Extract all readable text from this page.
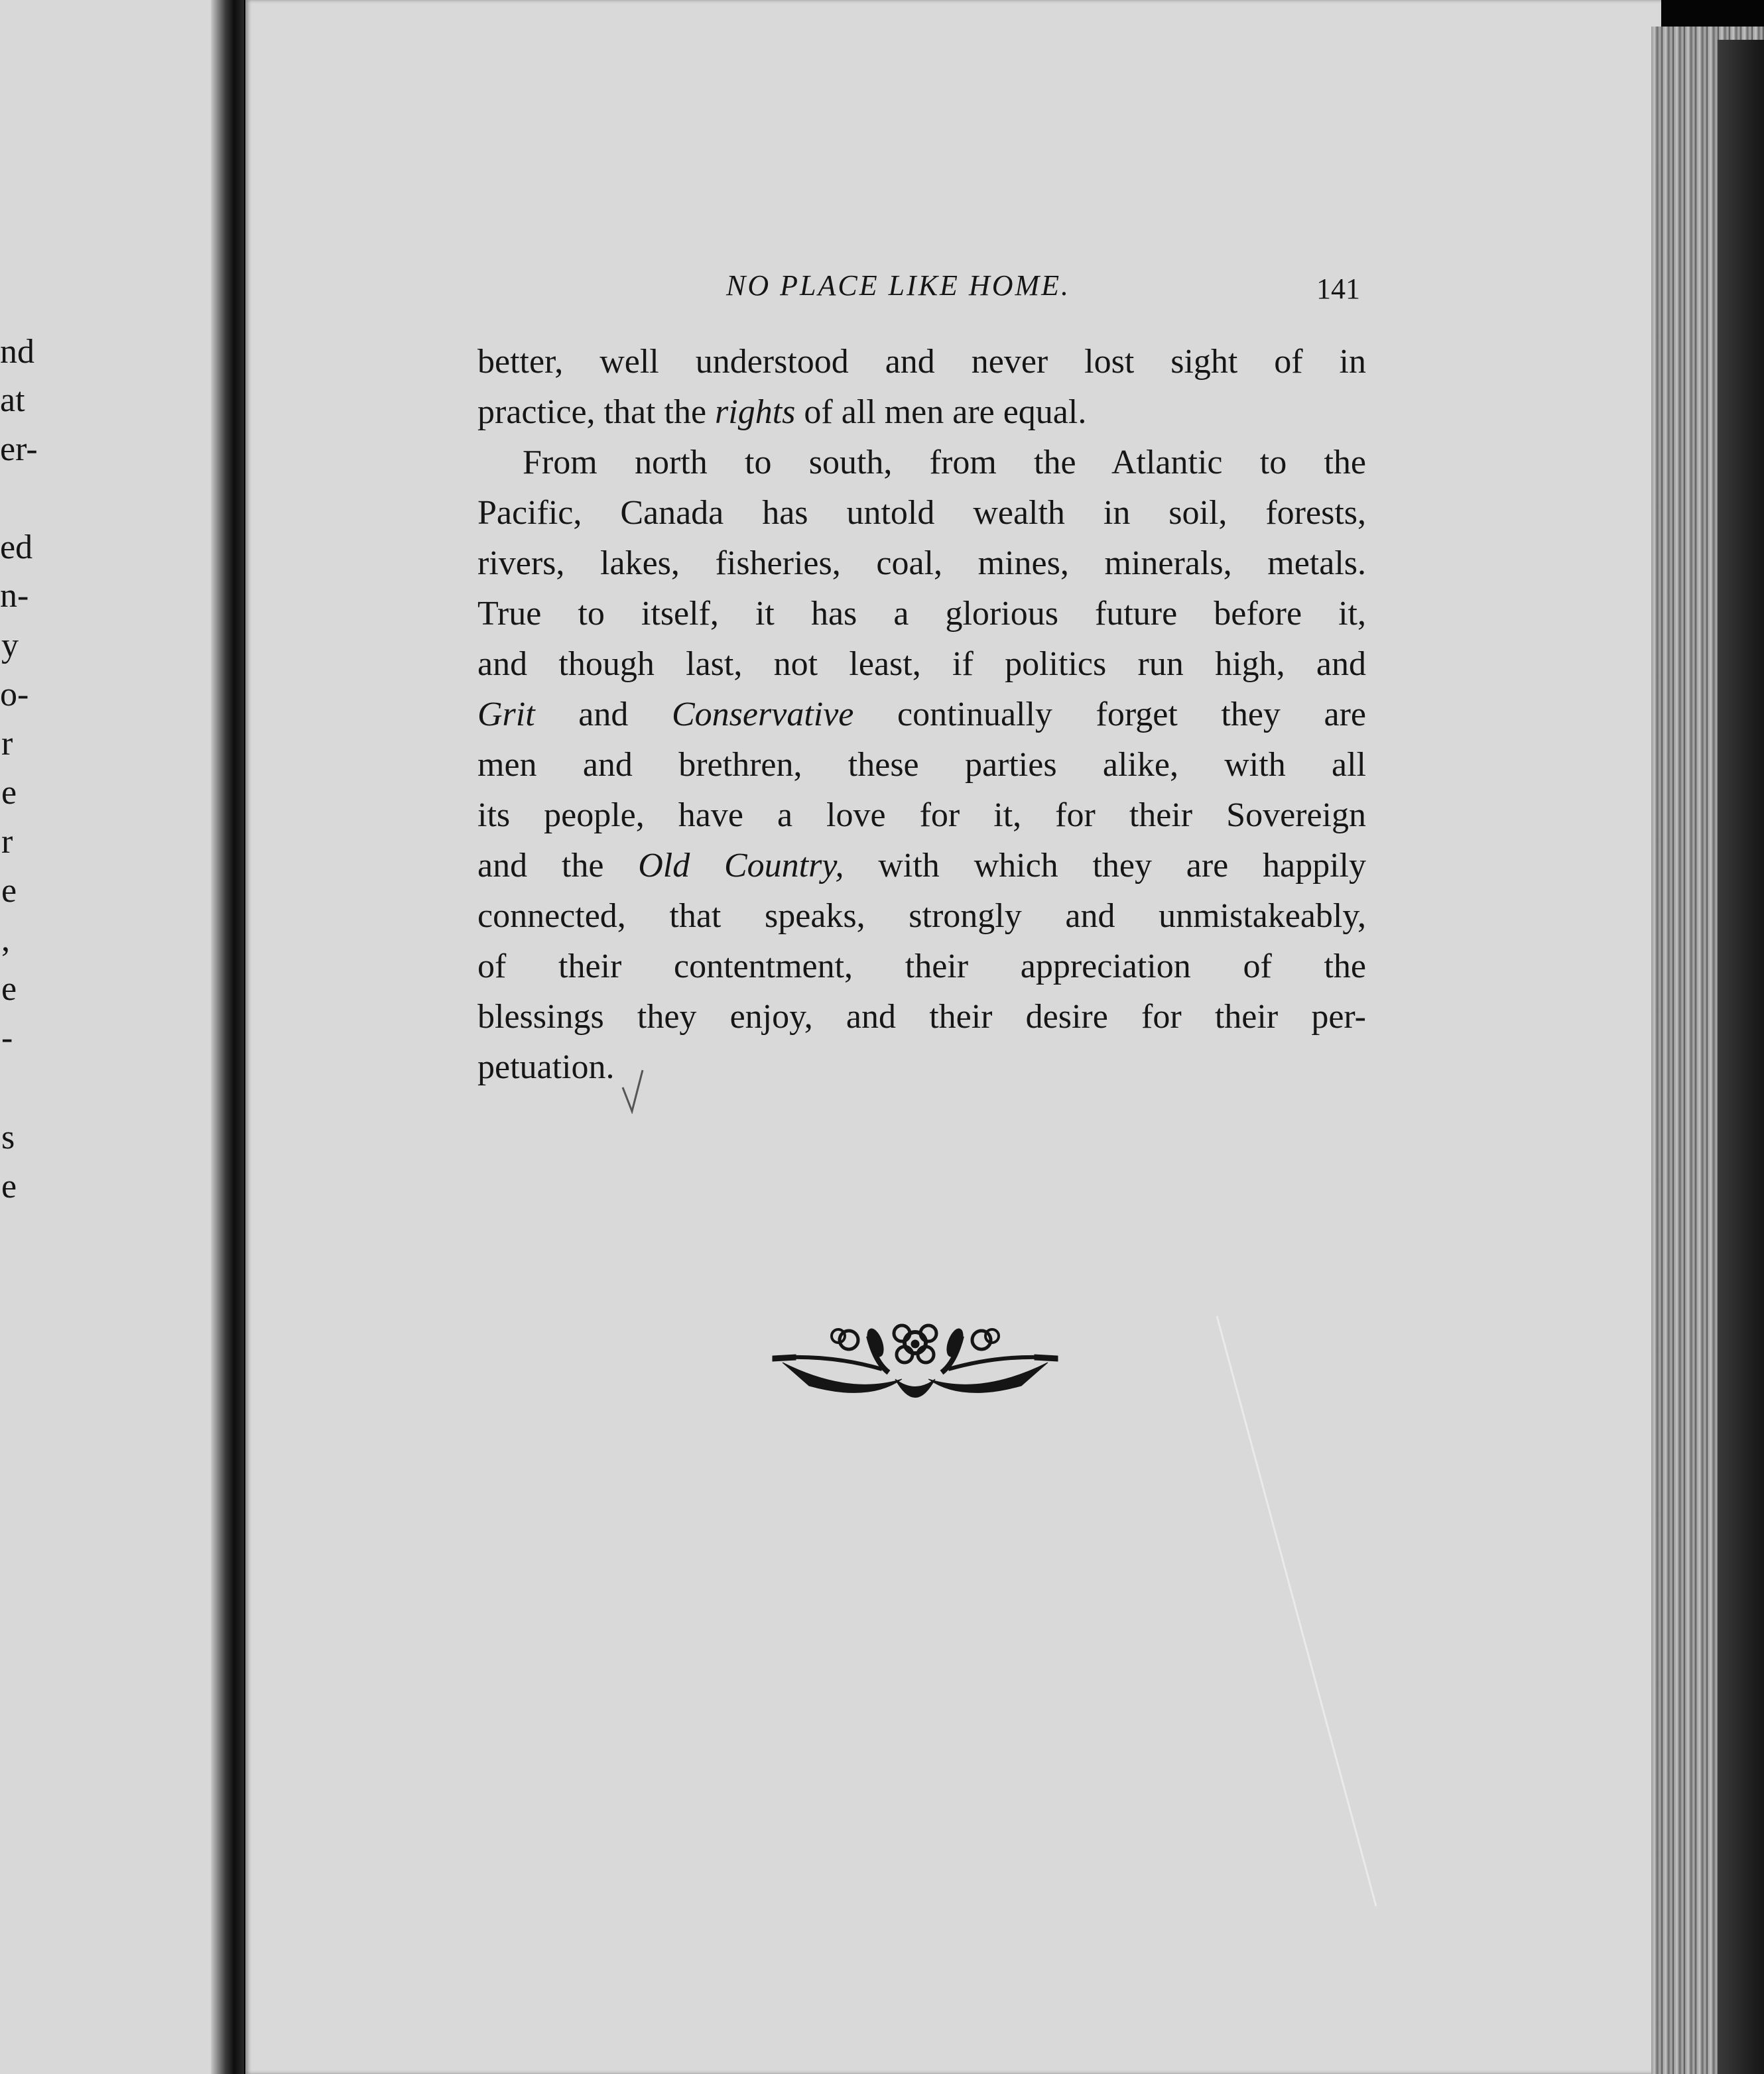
nd
at
er-
ed
n-
y
o-
r
e
r
e
,
e
-
s
e
NO PLACE LIKE HOME.	141
better, well understood and never lost sight of in
practice, that the rights of all men are equal.
From north to south, from the Atlantic to the
Pacific, Canada has untold wealth in soil, forests,
rivers, lakes, fisheries, coal, mines, minerals, metals.
True to itself, it has a glorious future before it,
and though last, not least, if politics run high, and
Grit and Conservative continually forget they are
men and brethren, these parties alike, with all
its people, have a love for it, for their Sovereign
and the Old Country, with which they are happily
connected, that speaks, strongly and unmistakeably,
of their contentment, their appreciation of the
blessings they enjoy, and their desire for their per-
petuation.
